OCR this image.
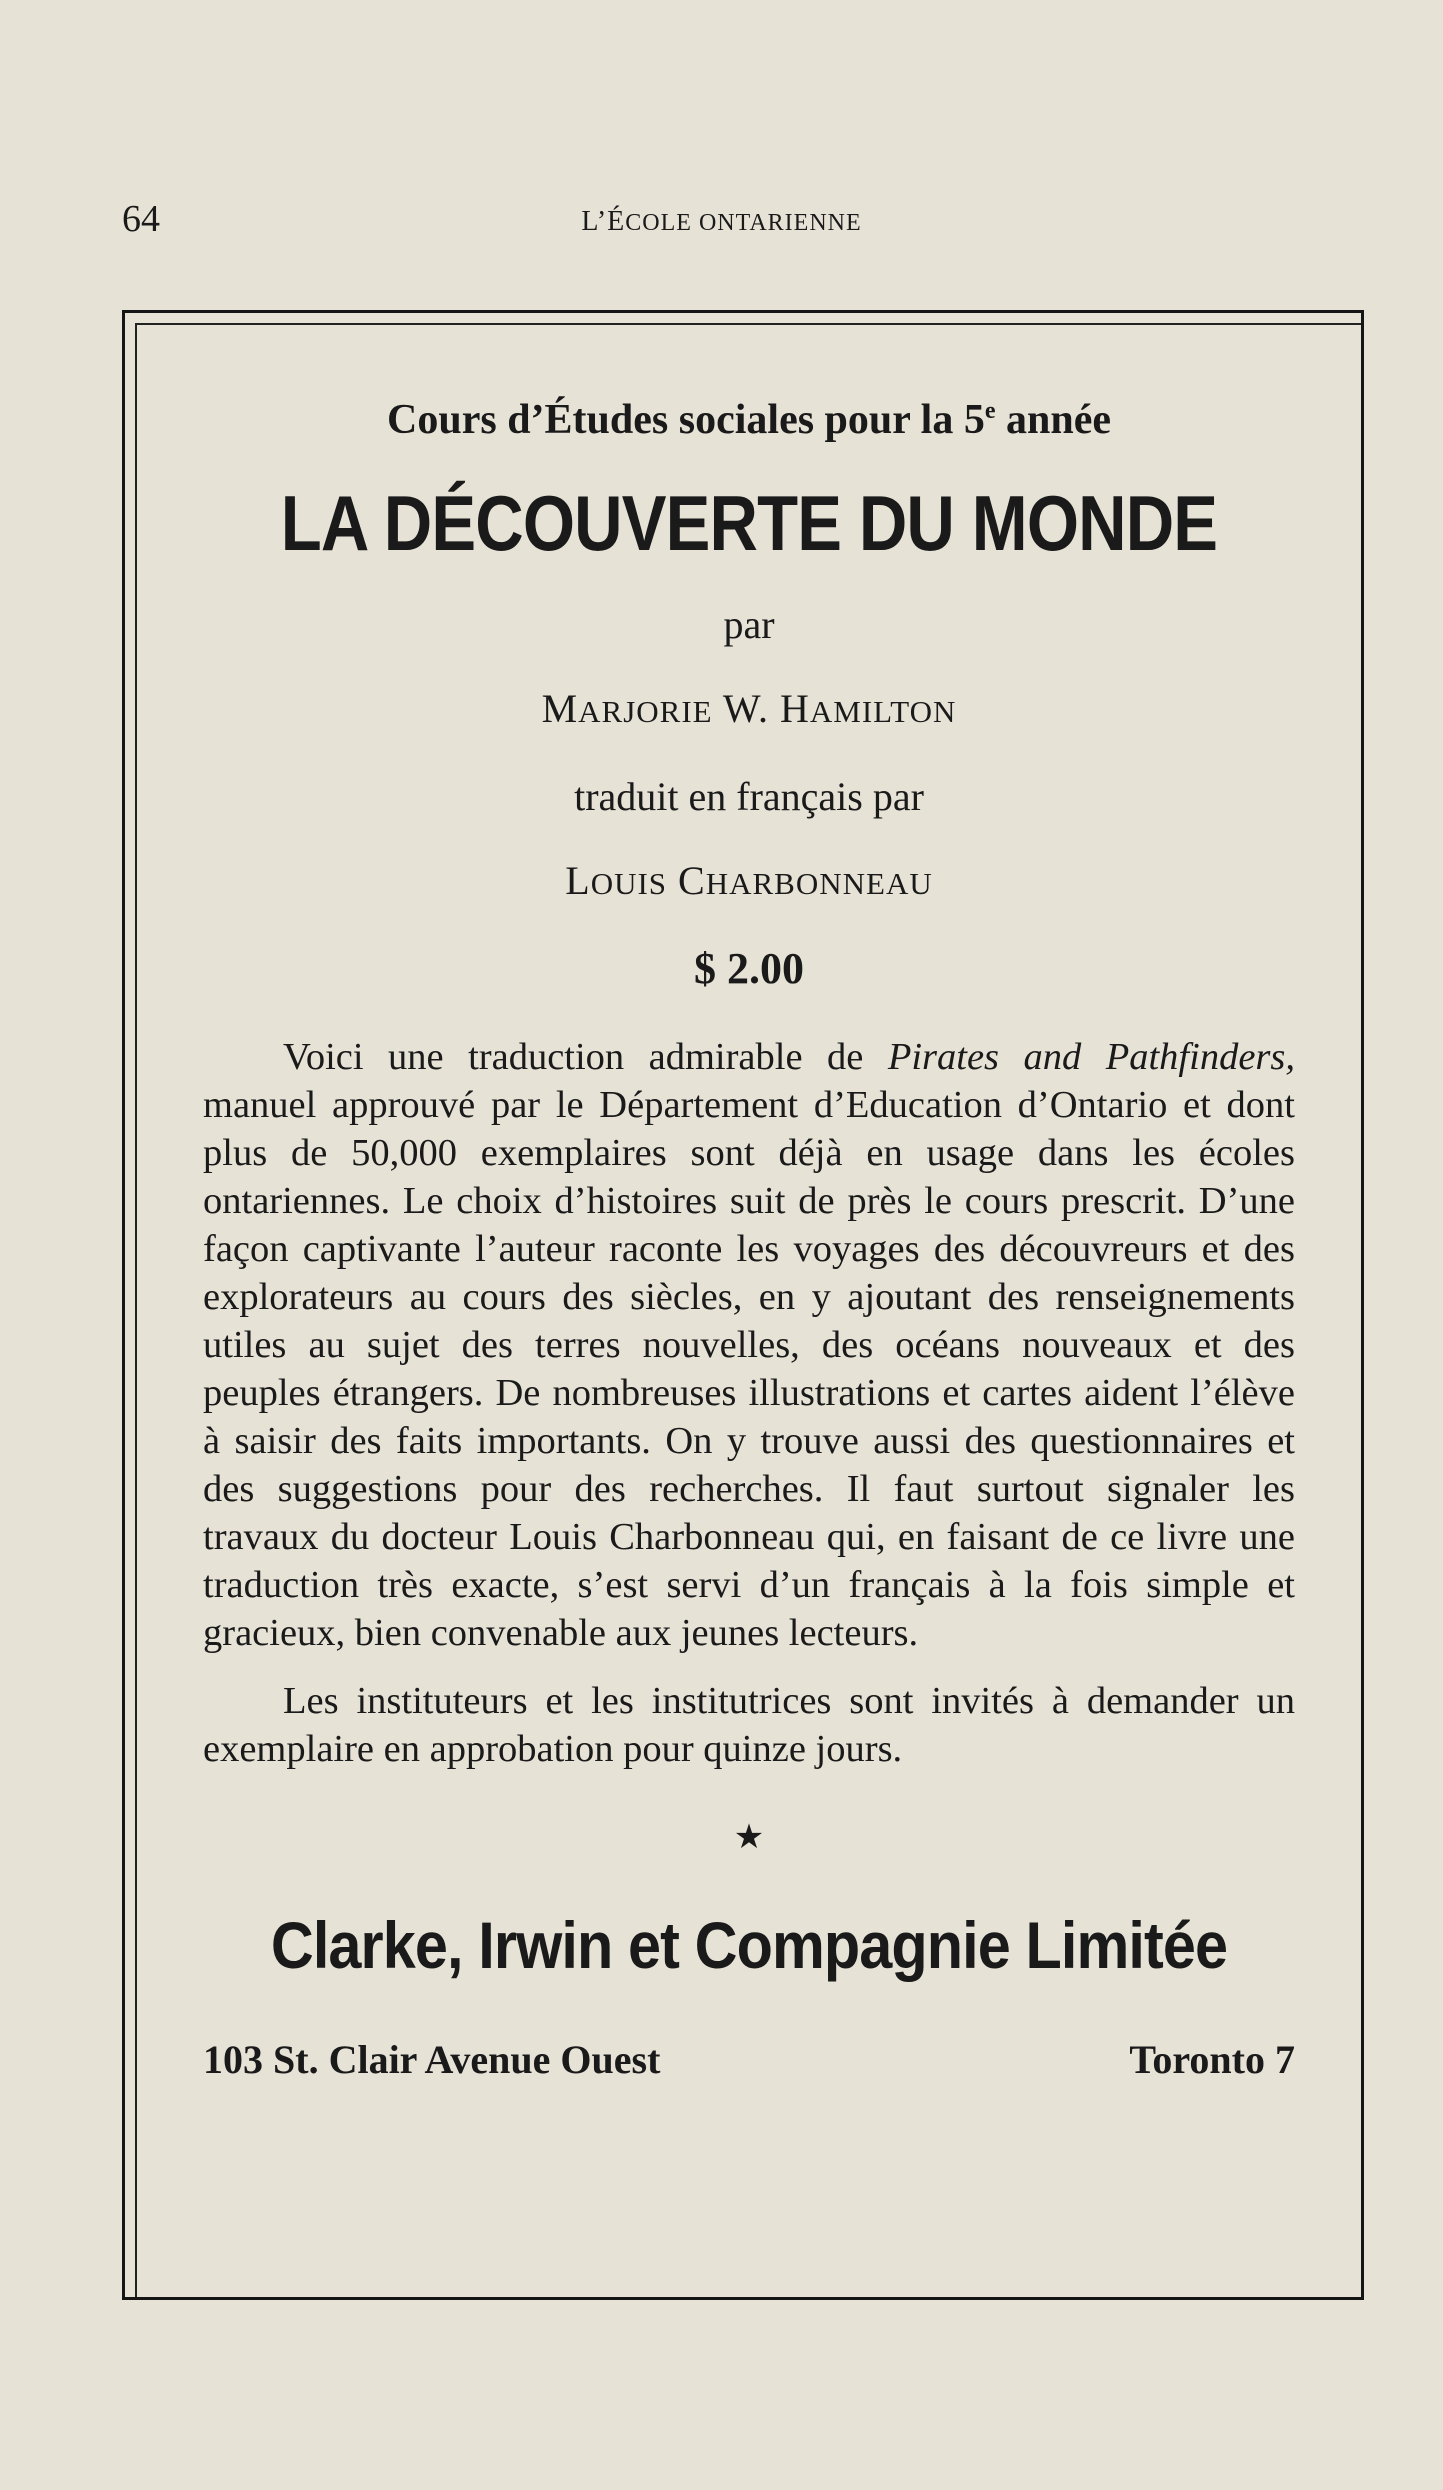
64	L’ÉCOLE ONTARIENNE

Cours d’Études sociales pour la 5e année

LA DÉCOUVERTE DU MONDE

par

MARJORIE W. HAMILTON

traduit en français par

LOUIS CHARBONNEAU

$ 2.00

Voici une traduction admirable de Pirates and Pathfinders, manuel approuvé par le Département d’Education d’Ontario et dont plus de 50,000 exemplaires sont déjà en usage dans les écoles ontariennes. Le choix d’histoires suit de près le cours prescrit. D’une façon captivante l’auteur raconte les voyages des découvreurs et des explorateurs au cours des siècles, en y ajoutant des renseignements utiles au sujet des terres nouvelles, des océans nouveaux et des peuples étrangers. De nombreuses illustrations et cartes aident l’élève à saisir des faits importants. On y trouve aussi des questionnaires et des suggestions pour des recherches. Il faut surtout signaler les travaux du docteur Louis Charbonneau qui, en faisant de ce livre une traduction très exacte, s’est servi d’un français à la fois simple et gracieux, bien convenable aux jeunes lecteurs.

Les instituteurs et les institutrices sont invités à demander un exemplaire en approbation pour quinze jours.

★
Clarke, Irwin et Compagnie Limitée
103 St. Clair Avenue Ouest	Toronto 7
